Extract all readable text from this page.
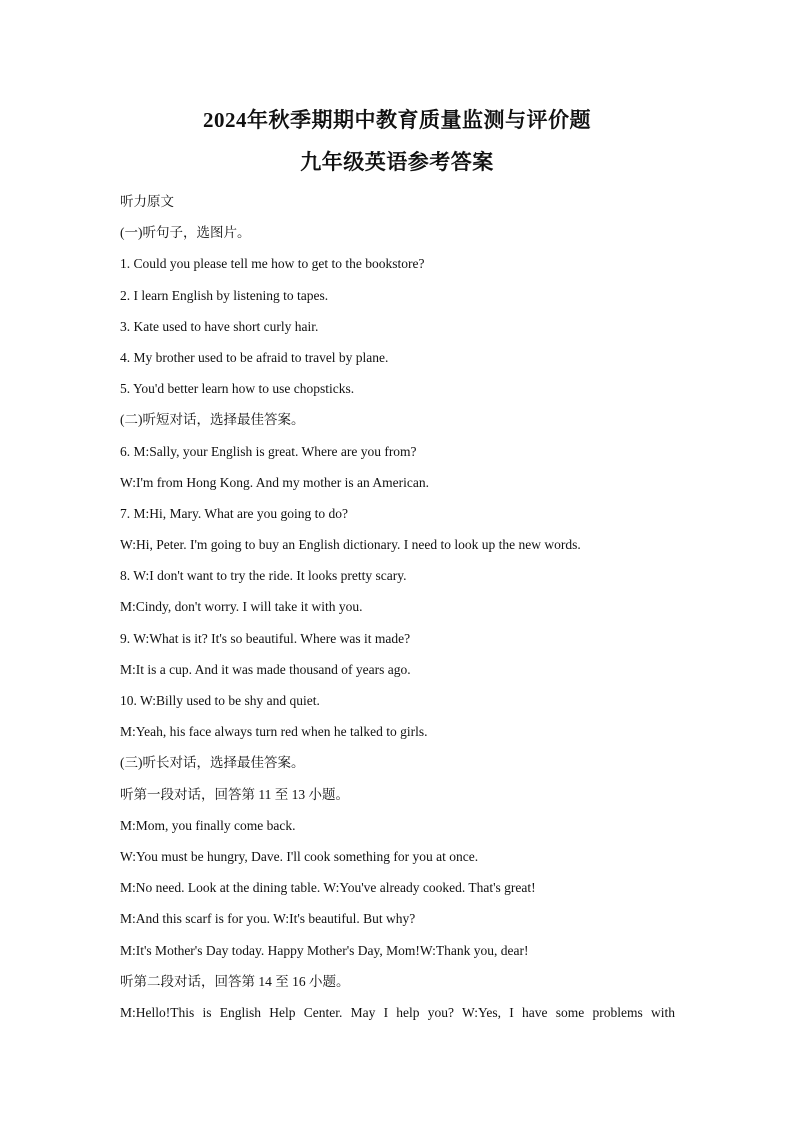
2024年秋季期期中教育质量监测与评价题
九年级英语参考答案
听力原文
(一)听句子，选图片。
1. Could you please tell me how to get to the bookstore?
2. I learn English by listening to tapes.
3. Kate used to have short curly hair.
4. My brother used to be afraid to travel by plane.
5. You'd better learn how to use chopsticks.
(二)听短对话，选择最佳答案。
6. M:Sally, your English is great. Where are you from?
W:I'm from Hong Kong. And my mother is an American.
7. M:Hi, Mary. What are you going to do?
W:Hi, Peter. I'm going to buy an English dictionary. I need to look up the new words.
8. W:I don't want to try the ride. It looks pretty scary.
M:Cindy, don't worry. I will take it with you.
9. W:What is it? It's so beautiful. Where was it made?
M:It is a cup. And it was made thousand of years ago.
10. W:Billy used to be shy and quiet.
M:Yeah, his face always turn red when he talked to girls.
(三)听长对话，选择最佳答案。
听第一段对话，回答第 11 至 13 小题。
M:Mom, you finally come back.
W:You must be hungry, Dave. I'll cook something for you at once.
M:No need. Look at the dining table. W:You've already cooked. That's great!
M:And this scarf is for you. W:It's beautiful. But why?
M:It's Mother's Day today. Happy Mother's Day, Mom!W:Thank you, dear!
听第二段对话，回答第 14 至 16 小题。
M:Hello!This is English Help Center. May I help you? W:Yes, I have some problems with
